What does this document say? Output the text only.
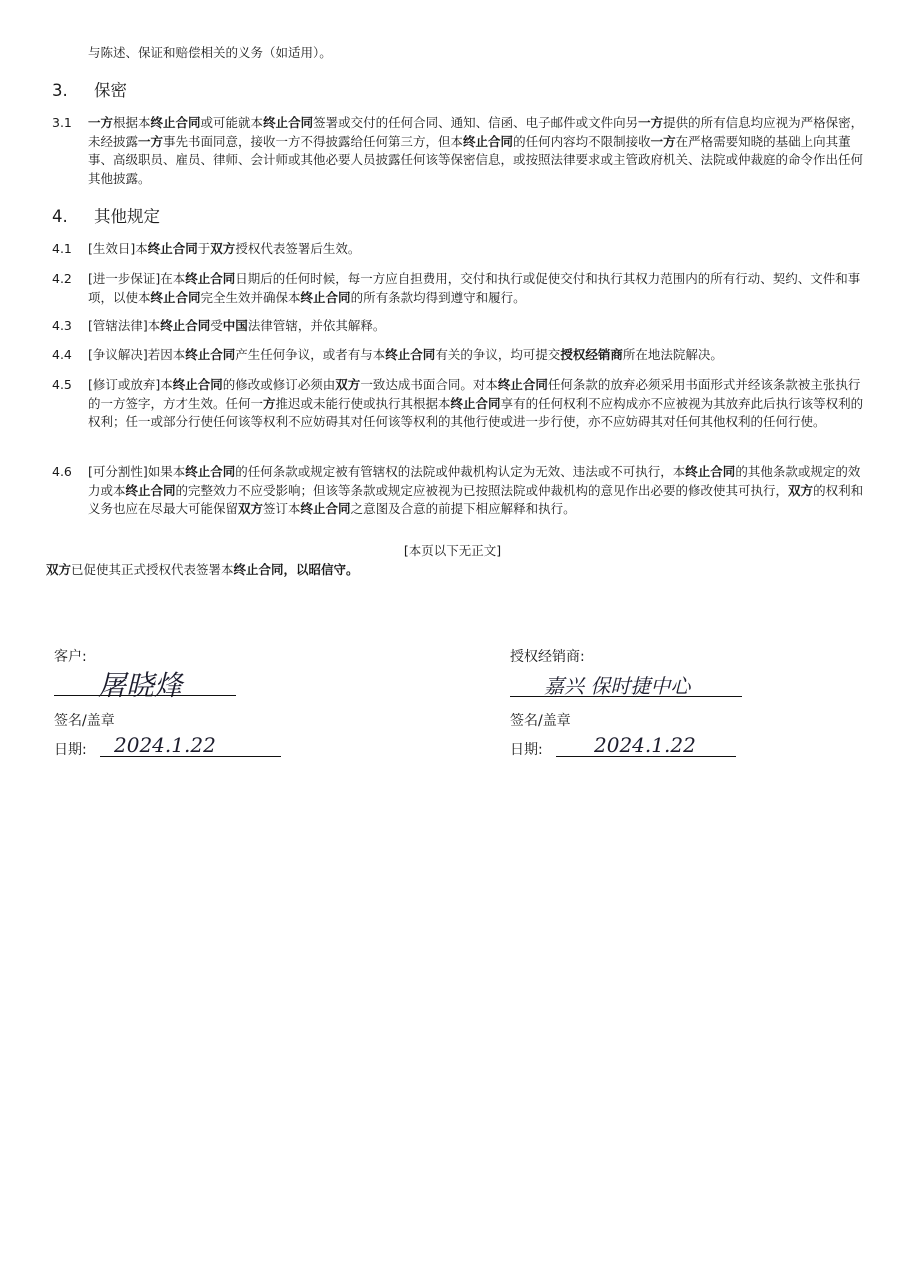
与陈述、保证和赔偿相关的义务（如适用）。
3. 保密
3.1	一方根据本终止合同或可能就本终止合同签署或交付的任何合同、通知、信函、电子邮件或文件向另一方提供的所有信息均应视为严格保密，未经披露一方事先书面同意，接收一方不得披露给任何第三方，但本终止合同的任何内容均不限制接收一方在严格需要知晓的基础上向其董事、高级职员、雇员、律师、会计师或其他必要人员披露任何该等保密信息，或按照法律要求或主管政府机关、法院或仲裁庭的命令作出任何其他披露。
4. 其他规定
4.1	[生效日]本终止合同于双方授权代表签署后生效。
4.2	[进一步保证]在本终止合同日期后的任何时候，每一方应自担费用，交付和执行或促使交付和执行其权力范围内的所有行动、契约、文件和事项，以使本终止合同完全生效并确保本终止合同的所有条款均得到遵守和履行。
4.3	[管辖法律]本终止合同受中国法律管辖，并依其解释。
4.4	[争议解决]若因本终止合同产生任何争议，或者有与本终止合同有关的争议，均可提交授权经销商所在地法院解决。
4.5	[修订或放弃]本终止合同的修改或修订必须由双方一致达成书面合同。对本终止合同任何条款的放弃必须采用书面形式并经该条款被主张执行的一方签字，方才生效。任何一方推迟或未能行使或执行其根据本终止合同享有的任何权利不应构成亦不应被视为其放弃此后执行该等权利的权利；任一或部分行使任何该等权利不应妨碍其对任何该等权利的其他行使或进一步行使，亦不应妨碍其对任何其他权利的任何行使。
4.6	[可分割性]如果本终止合同的任何条款或规定被有管辖权的法院或仲裁机构认定为无效、违法或不可执行，本终止合同的其他条款或规定的效力或本终止合同的完整效力不应受影响；但该等条款或规定应被视为已按照法院或仲裁机构的意见作出必要的修改使其可执行，双方的权利和义务也应在尽最大可能保留双方签订本终止合同之意图及合意的前提下相应解释和执行。
[本页以下无正文]
双方已促使其正式授权代表签署本终止合同，以昭信守。
客户:
屠晓烽
签名/盖章
日期: 2024.1.22
授权经销商:
嘉兴 保时捷中心
签名/盖章
日期:	2024.1.22
